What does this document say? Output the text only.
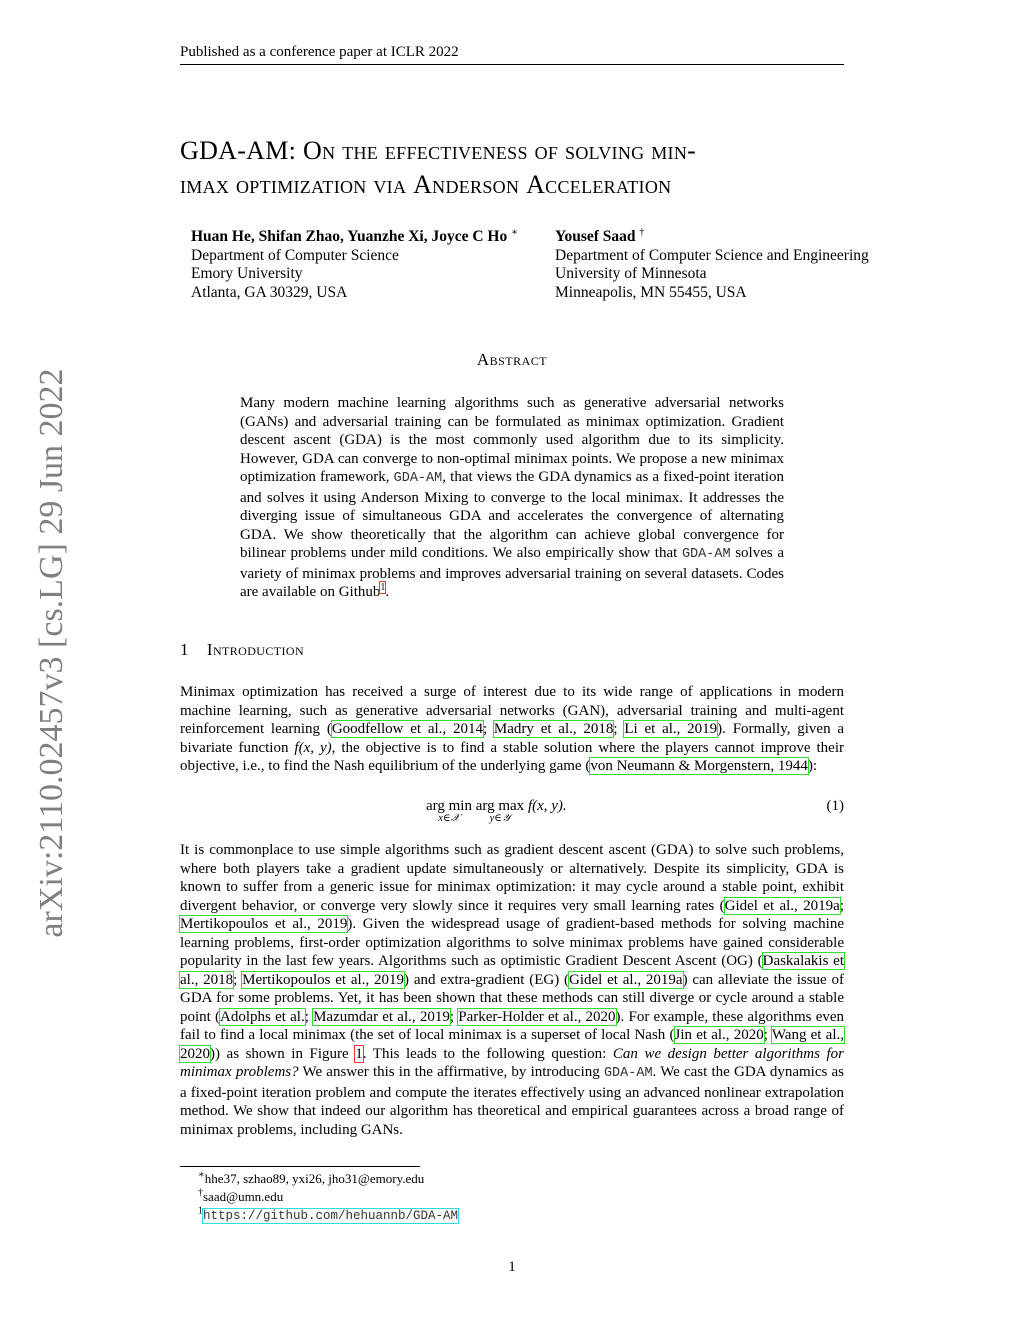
Published as a conference paper at ICLR 2022
arXiv:2110.02457v3 [cs.LG] 29 Jun 2022
GDA-AM: On the effectiveness of solving min-
imax optimization via Anderson Acceleration
Huan He, Shifan Zhao, Yuanzhe Xi, Joyce C Ho ∗
Department of Computer Science
Emory University
Atlanta, GA 30329, USA
Yousef Saad †
Department of Computer Science and Engineering
University of Minnesota
Minneapolis, MN 55455, USA
Abstract
Many modern machine learning algorithms such as generative adversarial networks (GANs) and adversarial training can be formulated as minimax optimization. Gradient descent ascent (GDA) is the most commonly used algorithm due to its simplicity. However, GDA can converge to non-optimal minimax points. We propose a new minimax optimization framework, GDA-AM, that views the GDA dynamics as a fixed-point iteration and solves it using Anderson Mixing to converge to the local minimax. It addresses the diverging issue of simultaneous GDA and accelerates the convergence of alternating GDA. We show theoretically that the algorithm can achieve global convergence for bilinear problems under mild conditions. We also empirically show that GDA-AM solves a variety of minimax problems and improves adversarial training on several datasets. Codes are available on Github$^1$.
1 Introduction
Minimax optimization has received a surge of interest due to its wide range of applications in modern machine learning, such as generative adversarial networks (GAN), adversarial training and multi-agent reinforcement learning (Goodfellow et al., 2014; Madry et al., 2018; Li et al., 2019). Formally, given a bivariate function f(x, y), the objective is to find a stable solution where the players cannot improve their objective, i.e., to find the Nash equilibrium of the underlying game (von Neumann & Morgenstern, 1944):
arg min
x∈𝒳
arg max
y∈𝒴
f(x, y).	(1)
It is commonplace to use simple algorithms such as gradient descent ascent (GDA) to solve such problems, where both players take a gradient update simultaneously or alternatively. Despite its simplicity, GDA is known to suffer from a generic issue for minimax optimization: it may cycle around a stable point, exhibit divergent behavior, or converge very slowly since it requires very small learning rates (Gidel et al., 2019a; Mertikopoulos et al., 2019). Given the widespread usage of gradient-based methods for solving machine learning problems, first-order optimization algorithms to solve minimax problems have gained considerable popularity in the last few years. Algorithms such as optimistic Gradient Descent Ascent (OG) (Daskalakis et al., 2018; Mertikopoulos et al., 2019) and extra-gradient (EG) (Gidel et al., 2019a) can alleviate the issue of GDA for some problems. Yet, it has been shown that these methods can still diverge or cycle around a stable point (Adolphs et al.; Mazumdar et al., 2019; Parker-Holder et al., 2020). For example, these algorithms even fail to find a local minimax (the set of local minimax is a superset of local Nash (Jin et al., 2020; Wang et al., 2020)) as shown in Figure 1. This leads to the following question: Can we design better algorithms for minimax problems? We answer this in the affirmative, by introducing GDA-AM. We cast the GDA dynamics as a fixed-point iteration problem and compute the iterates effectively using an advanced nonlinear extrapolation method. We show that indeed our algorithm has theoretical and empirical guarantees across a broad range of minimax problems, including GANs.
∗hhe37, szhao89, yxi26, jho31@emory.edu
†saad@umn.edu
$^1$https://github.com/hehuannb/GDA-AM
1
